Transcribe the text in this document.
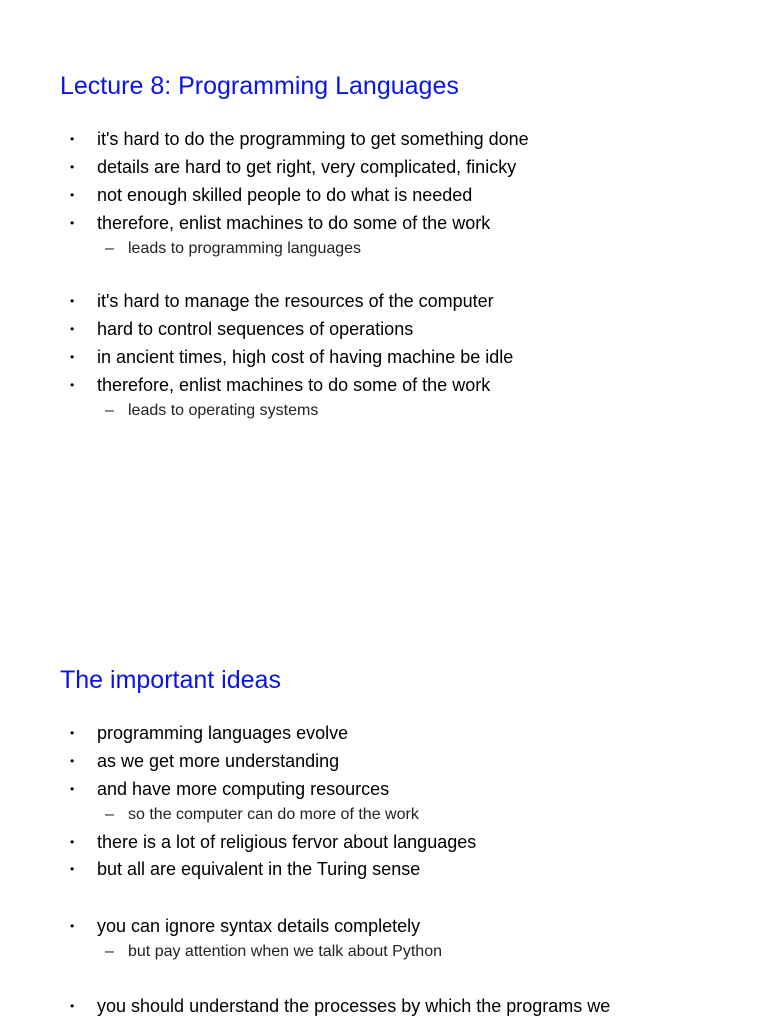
Lecture 8: Programming Languages
• it's hard to do the programming to get something done
• details are hard to get right, very complicated, finicky
• not enough skilled people to do what is needed
• therefore, enlist machines to do some of the work
– leads to programming languages
• it's hard to manage the resources of the computer
• hard to control sequences of operations
• in ancient times, high cost of having machine be idle
• therefore, enlist machines to do some of the work
– leads to operating systems
The important ideas
• programming languages evolve
• as we get more understanding
• and have more computing resources
– so the computer can do more of the work
• there is a lot of religious fervor about languages
• but all are equivalent in the Turing sense
• you can ignore syntax details completely
– but pay attention when we talk about Python
• you should understand the processes by which the programs we
